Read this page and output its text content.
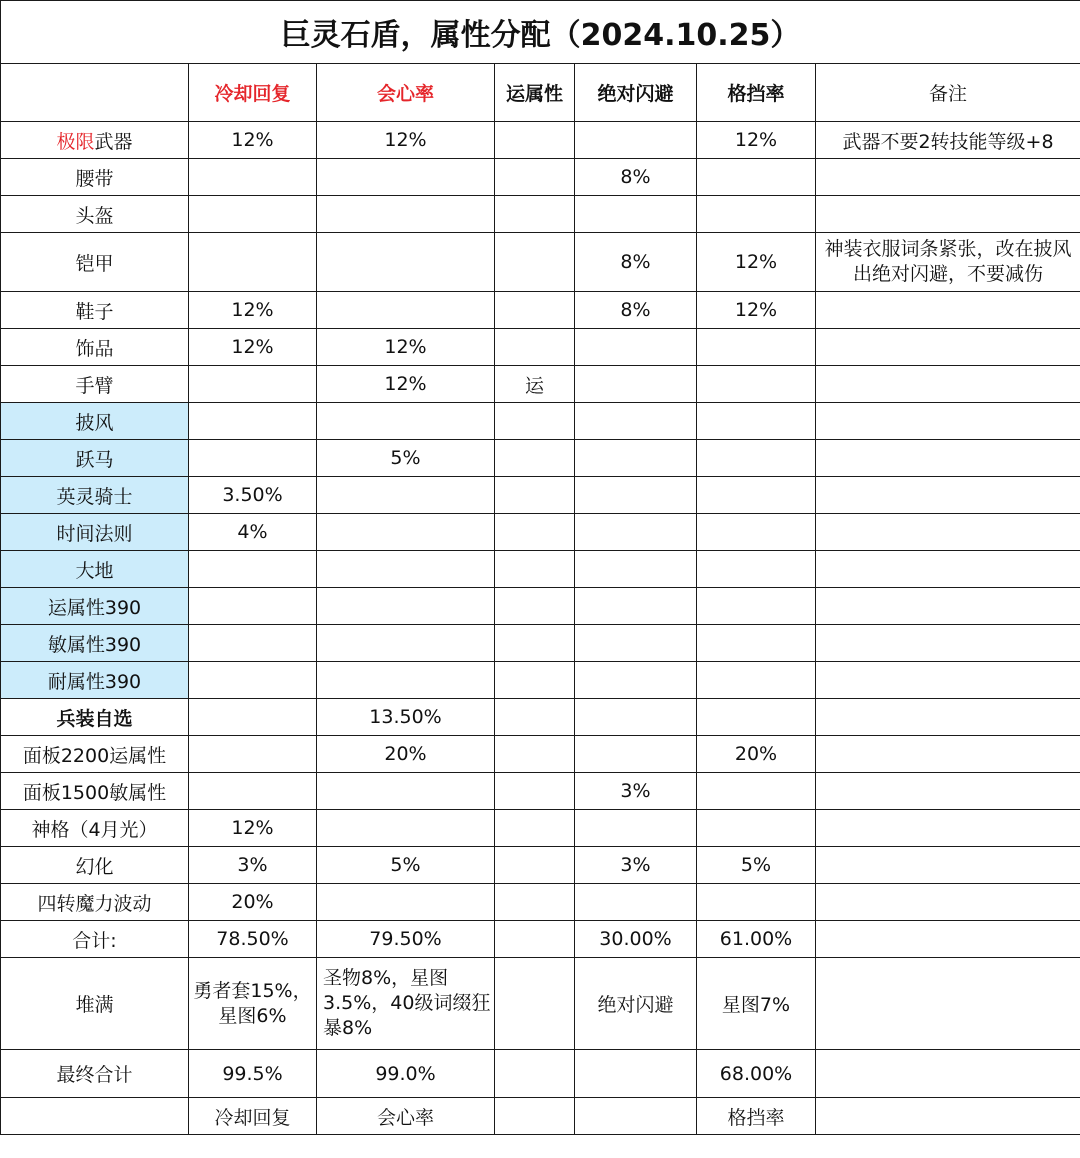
巨灵石盾，属性分配（2024.10.25）						
	冷却回复	会心率	运属性	绝对闪避	格挡率	备注
极限武器	12%	12%			12%	武器不要2转技能等级+8
腰带				8%		
头盔						
铠甲				8%	12%	神装衣服词条紧张，改在披风出绝对闪避，不要减伤
鞋子	12%			8%	12%	
饰品	12%	12%				
手臂		12%	运			
披风						
跃马		5%				
英灵骑士	3.50%					
时间法则	4%					
大地						
运属性390						
敏属性390						
耐属性390						
兵装自选		13.50%				
面板2200运属性		20%			20%	
面板1500敏属性				3%		
神格（4月光）	12%					
幻化	3%	5%		3%	5%	
四转魔力波动	20%					
合计:	78.50%	79.50%		30.00%	61.00%	
堆满	勇者套15%，星图6%	圣物8%，星图3.5%，40级词缀狂暴8%		绝对闪避	星图7%	
最终合计	99.5%	99.0%			68.00%	
	冷却回复	会心率			格挡率	
